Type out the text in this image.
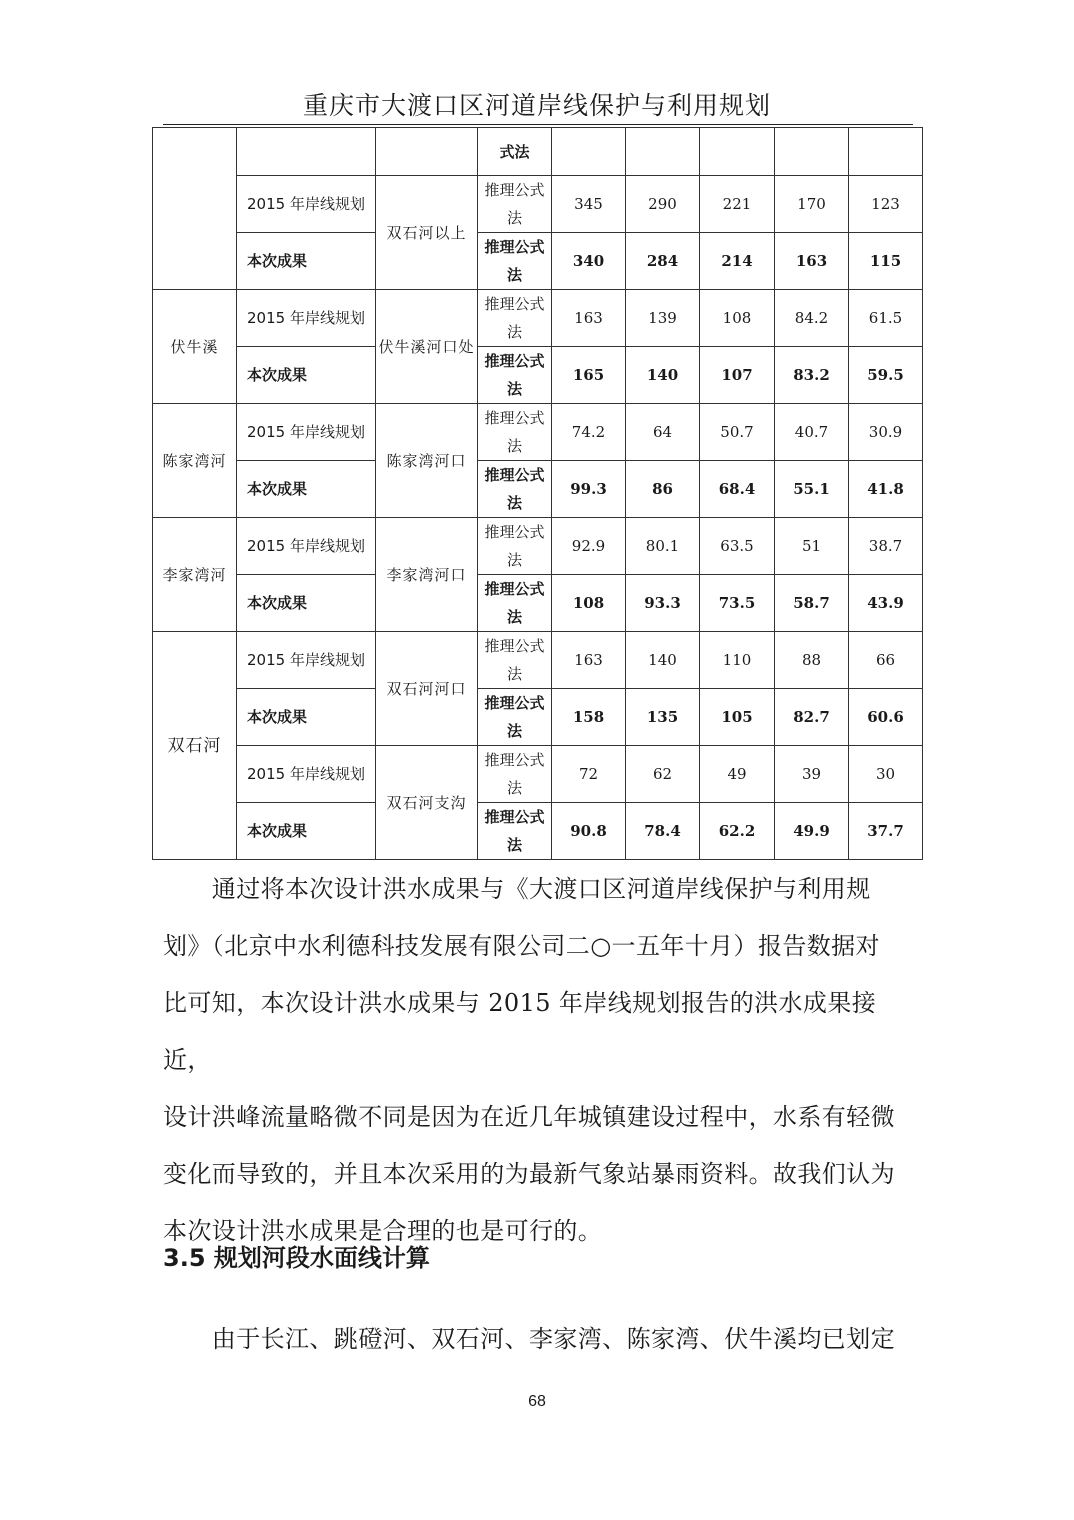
重庆市大渡口区河道岸线保护与利用规划
			式法					
	2015 年岸线规划	双石河以上	推理公式法	345	290	221	170	123
	本次成果		推理公式法	340	284	214	163	115
伏牛溪	2015 年岸线规划	伏牛溪河口处	推理公式法	163	139	108	84.2	61.5
	本次成果		推理公式法	165	140	107	83.2	59.5
陈家湾河	2015 年岸线规划	陈家湾河口	推理公式法	74.2	64	50.7	40.7	30.9
	本次成果		推理公式法	99.3	86	68.4	55.1	41.8
李家湾河	2015 年岸线规划	李家湾河口	推理公式法	92.9	80.1	63.5	51	38.7
	本次成果		推理公式法	108	93.3	73.5	58.7	43.9
双石河	2015 年岸线规划	双石河河口	推理公式法	163	140	110	88	66
	本次成果		推理公式法	158	135	105	82.7	60.6
	2015 年岸线规划	双石河支沟	推理公式法	72	62	49	39	30
	本次成果		推理公式法	90.8	78.4	62.2	49.9	37.7
　　通过将本次设计洪水成果与《大渡口区河道岸线保护与利用规
划》（北京中水利德科技发展有限公司二○一五年十月）报告数据对
比可知，本次设计洪水成果与 2015 年岸线规划报告的洪水成果接近，
设计洪峰流量略微不同是因为在近几年城镇建设过程中，水系有轻微
变化而导致的，并且本次采用的为最新气象站暴雨资料。故我们认为
本次设计洪水成果是合理的也是可行的。
3.5 规划河段水面线计算
　　由于长江、跳磴河、双石河、李家湾、陈家湾、伏牛溪均已划定
68
